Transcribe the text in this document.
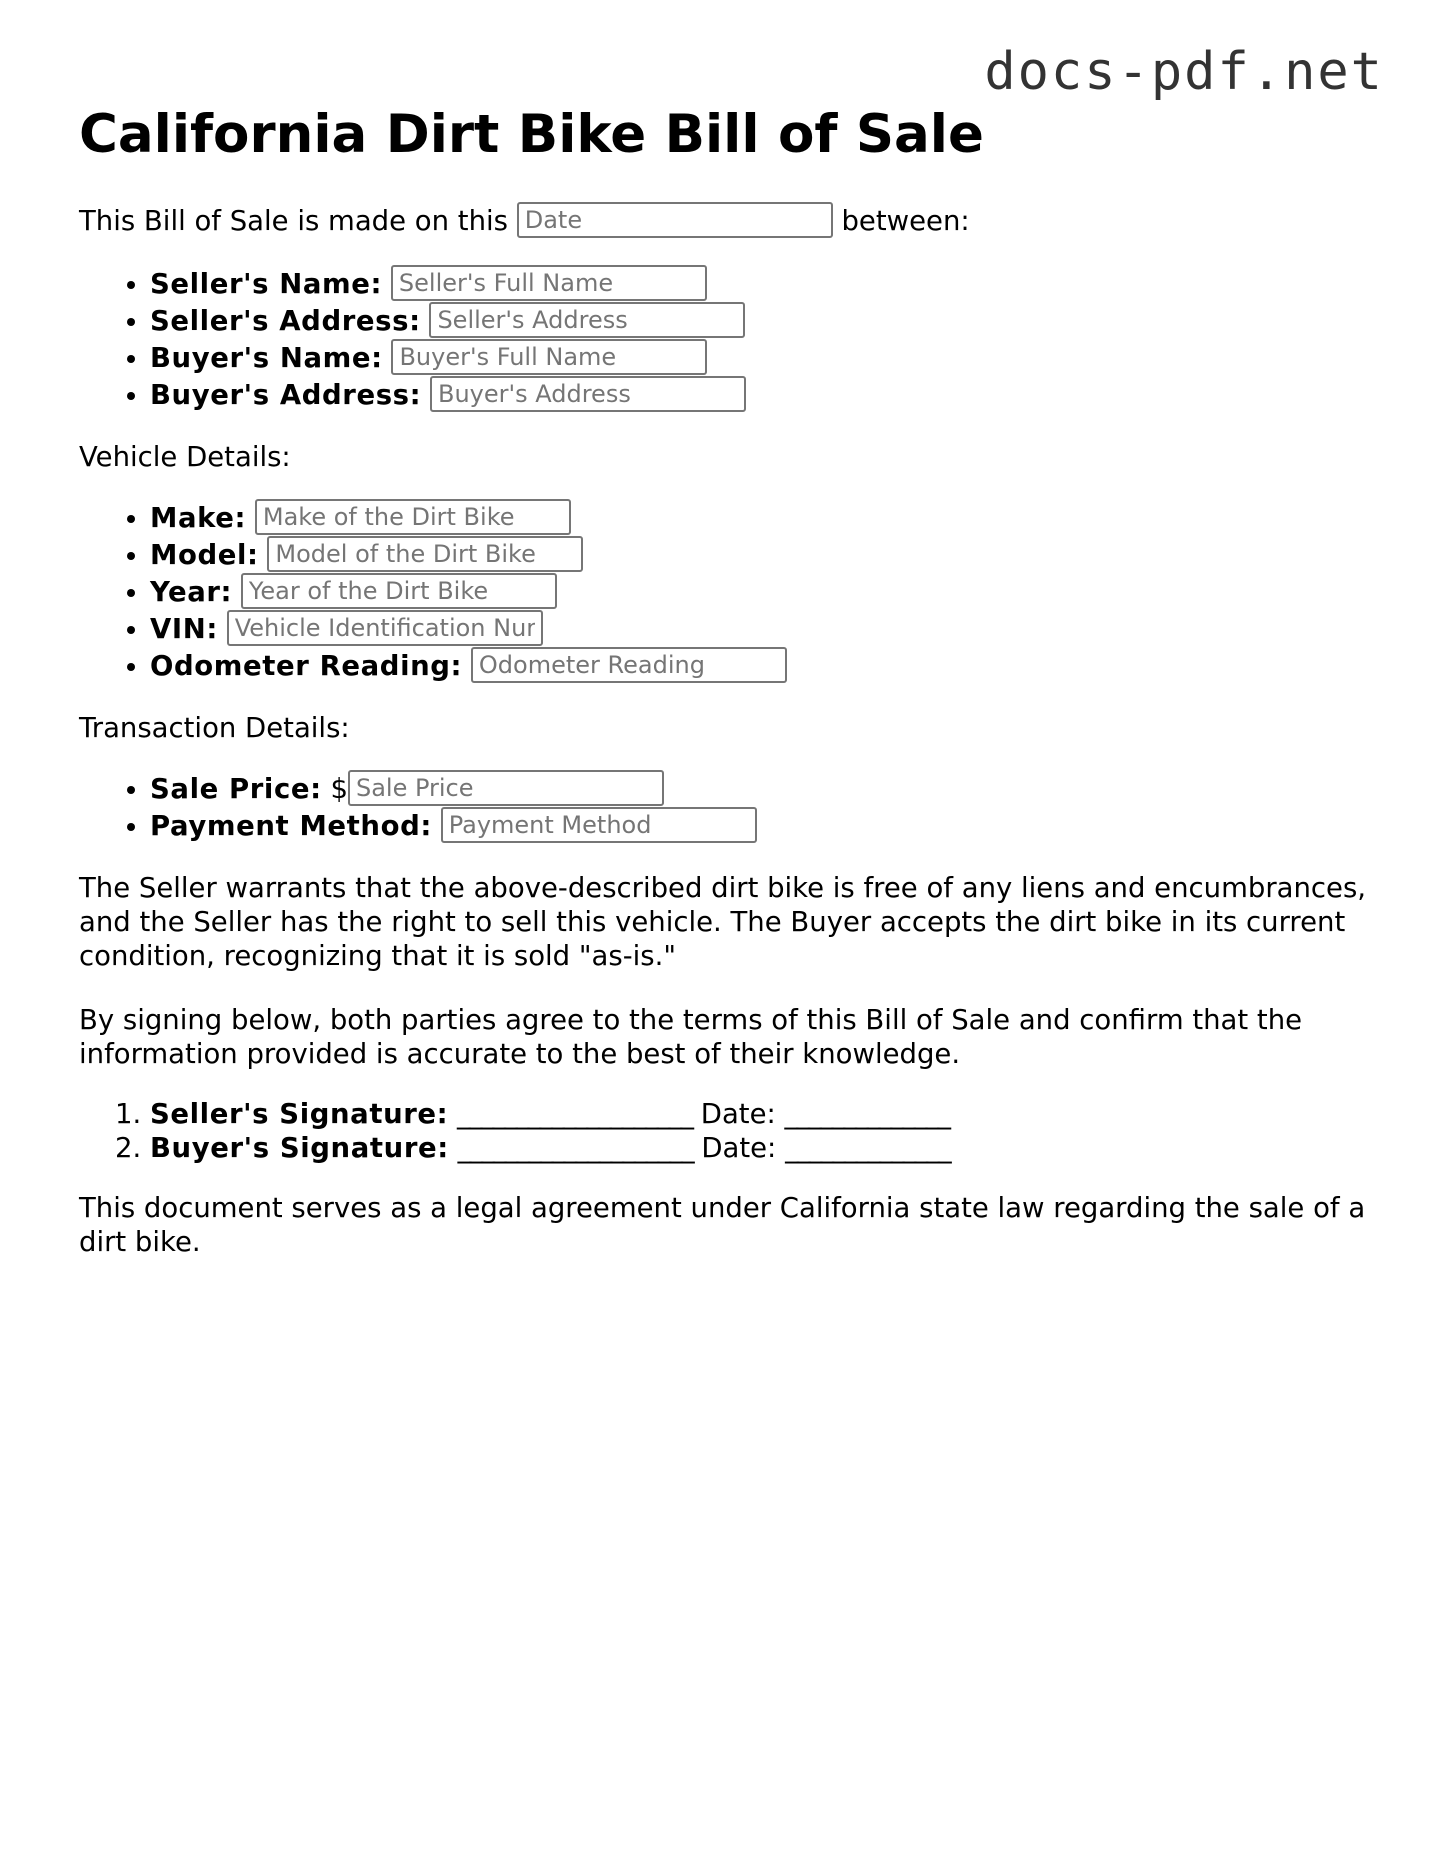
docs-pdf.net
California Dirt Bike Bill of Sale

This Bill of Sale is made on this Date	between:

• Seller's Name: Seller's Full Name
• Seller's Address: Seller's Address
• Buyer's Name: Buyer's Full Name
• Buyer's Address: Buyer's Address

Vehicle Details:

• Make: Make of the Dirt Bike
• Model: Model of the Dirt Bike
• Year: Year of the Dirt Bike
• VIN: Vehicle Identification Number
• Odometer Reading: Odometer Reading

Transaction Details:

• Sale Price: $Sale Price
• Payment Method: Payment Method

The Seller warrants that the above-described dirt bike is free of any liens and encumbrances, and the Seller has the right to sell this vehicle. The Buyer accepts the dirt bike in its current condition, recognizing that it is sold "as-is."

By signing below, both parties agree to the terms of this Bill of Sale and confirm that the information provided is accurate to the best of their knowledge.

1. Seller's Signature: ____________________ Date: ______________
2. Buyer's Signature: ____________________ Date: ______________

This document serves as a legal agreement under California state law regarding the sale of a dirt bike.
